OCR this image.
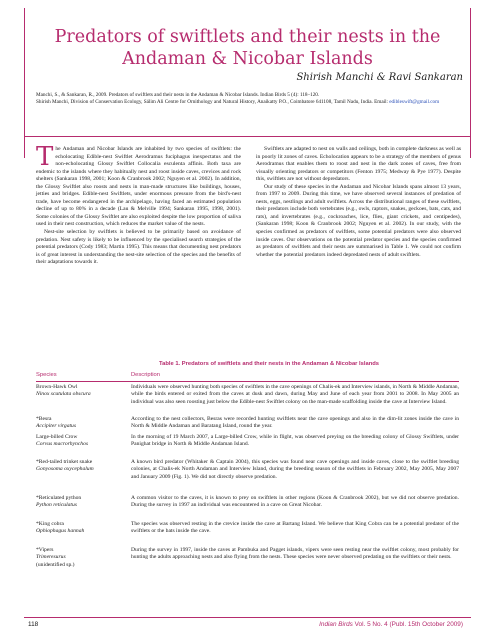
Predators of swiftlets and their nests in the Andaman & Nicobar Islands
Shirish Manchi & Ravi Sankaran
Manchi, S., & Sankaran, R., 2009. Predators of swiftlets and their nests in the Andaman & Nicobar Islands. Indian Birds 5 (4): 118–120.
Shirish Manchi, Division of Conservation Ecology, Sálim Ali Centre for Ornithology and Natural History, Anaikatty P.O., Coimbatore 641108, Tamil Nadu, India. Email: edibleswift@gmail.com

The Andaman and Nicobar Islands are inhabited by two species of swiftlets: the echolocating Edible-nest Swiftlet Aerodramus fuciphagus inexpectatus and the non-echolocating Glossy Swiftlet Collocalia esculenta affinis. Both taxa are endemic to the islands where they habitually nest and roost inside caves, crevices and rock shelters (Sankaran 1998, 2001; Koon & Cranbrook 2002; Nguyen et al. 2002). In addition, the Glossy Swiftlet also roosts and nests in man-made structures like buildings, houses, jetties and bridges. Edible-nest Swiftlets, under enormous pressure from the bird's-nest trade, have become endangered in the archipelago, having faced an estimated population decline of up to 80% in a decade (Lau & Melville 1994; Sankaran 1995, 1998, 2001). Some colonies of the Glossy Swiftlet are also exploited despite the low proportion of saliva used in their nest construction, which reduces the market value of the nests.

Nest-site selection by swiftlets is believed to be primarily based on avoidance of predation. Nest safety is likely to be influenced by the specialised search strategies of the potential predators (Cody 1983; Martin 1995). This means that documenting nest predators is of great interest in understanding the nest-site selection of the species and the benefits of their adaptations towards it.

Swiftlets are adapted to nest on walls and ceilings, both in complete darkness as well as in poorly lit zones of caves. Echolocation appears to be a strategy of the members of genus Aerodramus that enables them to roost and nest in the dark zones of caves, free from visually orienting predators or competitors (Fenton 1975; Medway & Pye 1977). Despite this, swiftlets are not without depredators.

Our study of these species in the Andaman and Nicobar Islands spans almost 13 years, from 1997 to 2009. During this time, we have observed several instances of predation of nests, eggs, nestlings and adult swiftlets. Across the distributional ranges of these swiftlets, their predators include both vertebrates (e.g., owls, raptors, snakes, geckoes, bats, cats, and rats), and invertebrates (e.g., cockroaches, lice, flies, giant crickets, and centipedes), (Sankaran 1998; Koon & Cranbrook 2002; Nguyen et al. 2002). In our study, with the species confirmed as predators of swiftlets, some potential predators were also observed inside caves. Our observations on the potential predator species and the species confirmed as predators of swiftlets and their nests are summarised in Table 1. We could not confirm whether the potential predators indeed depredated nests of adult swiftlets.

Table 1. Predators of swiftlets and their nests in the Andaman & Nicobar Islands
Species	Description
Brown-Hawk Owl
Ninox scutulata obscura
Individuals were observed hunting both species of swiftlets in the cave openings of Chalis-ek and Interview islands, in North & Middle Andaman, while the birds entered or exited from the caves at dusk and dawn, during May and June of each year from 2001 to 2008. In May 2005 an individual was also seen roosting just below the Edible-nest Swiftlet colony on the man-made scaffolding inside the cave at Interview Island.
*Besra
Accipiter virgatus
According to the nest collectors, Besras were recorded hunting swiftlets near the cave openings and also in the dim-lit zones inside the cave in North & Middle Andaman and Baratang Island, round the year.
Large-billed Crow
Corvus macrorhynchos
In the morning of 19 March 2007, a Large-billed Crow, while in flight, was observed preying on the breeding colony of Glossy Swiftlets, under Panighat bridge in North & Middle Andaman Island.
*Red-tailed trinket snake
Gonyosoma oxycephalum
A known bird predator (Whitaker & Captain 2004), this species was found near cave openings and inside caves, close to the swiftlet breeding colonies, at Chalis-ek North Andaman and Interview Island, during the breeding season of the swiftlets in February 2002, May 2005, May 2007 and January 2009 (Fig. 1). We did not directly observe predation.
*Reticulated python
Python reticulatus
A common visitor to the caves, it is known to prey on swiftlets in other regions (Koon & Cranbrook 2002), but we did not observe predation. During the survey in 1997 an individual was encountered in a cave on Great Nicobar.
*King cobra
Ophiophagus hannah
The species was observed resting in the crevice inside the cave at Bartang Island. We believe that King Cobra can be a potential predator of the swiftlets or the bats inside the cave.
*Vipers
Trimeresurus
(unidentified sp.)
During the survey in 1997, inside the caves at Pambuka and Pagget islands, vipers were seen resting near the swiftlet colony, most probably for hunting the adults approaching nests and also flying from the nests. These species were never observed predating on the swiftlets or their nests.
118	Indian Birds Vol. 5 No. 4 (Publ. 15th October 2009)
